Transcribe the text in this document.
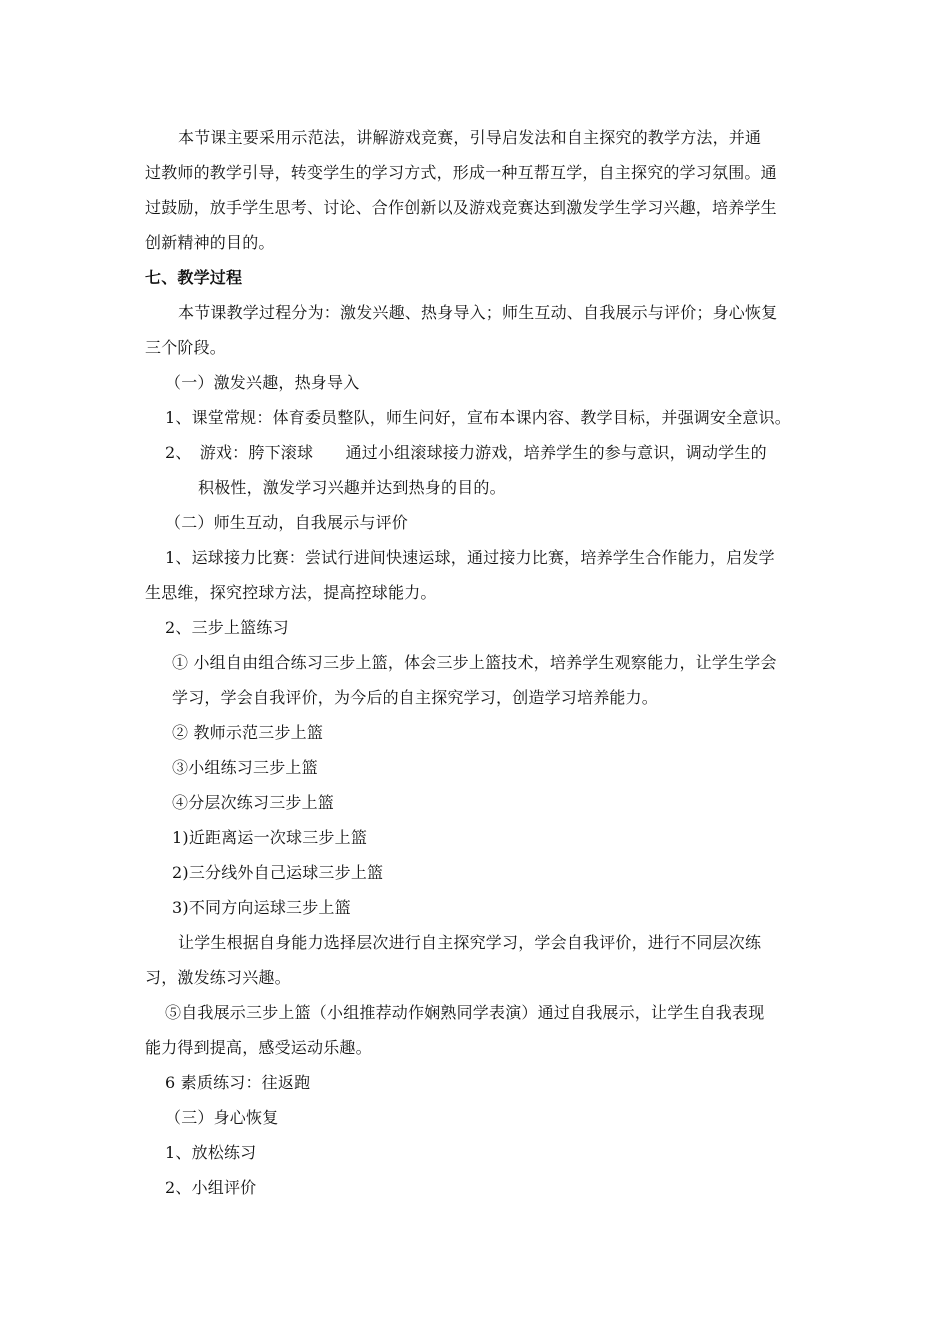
本节课主要采用示范法，讲解游戏竞赛，引导启发法和自主探究的教学方法，并通
过教师的教学引导，转变学生的学习方式，形成一种互帮互学，自主探究的学习氛围。通
过鼓励，放手学生思考、讨论、合作创新以及游戏竞赛达到激发学生学习兴趣，培养学生
创新精神的目的。
七、教学过程
本节课教学过程分为：激发兴趣、热身导入；师生互动、自我展示与评价；身心恢复
三个阶段。
（一）激发兴趣，热身导入
1、课堂常规：体育委员整队，师生问好，宣布本课内容、教学目标，并强调安全意识。
2、　游戏：胯下滚球　　通过小组滚球接力游戏，培养学生的参与意识，调动学生的
积极性，激发学习兴趣并达到热身的目的。
（二）师生互动，自我展示与评价
1、运球接力比赛：尝试行进间快速运球，通过接力比赛，培养学生合作能力，启发学
生思维，探究控球方法，提高控球能力。
2、三步上篮练习
① 小组自由组合练习三步上篮，体会三步上篮技术，培养学生观察能力，让学生学会
学习，学会自我评价，为今后的自主探究学习，创造学习培养能力。
② 教师示范三步上篮
③小组练习三步上篮
④分层次练习三步上篮
1)近距离运一次球三步上篮
2)三分线外自己运球三步上篮
3)不同方向运球三步上篮
让学生根据自身能力选择层次进行自主探究学习，学会自我评价，进行不同层次练
习，激发练习兴趣。
⑤自我展示三步上篮（小组推荐动作娴熟同学表演）通过自我展示，让学生自我表现
能力得到提高，感受运动乐趣。
6 素质练习：往返跑
（三）身心恢复
1、放松练习
2、小组评价
